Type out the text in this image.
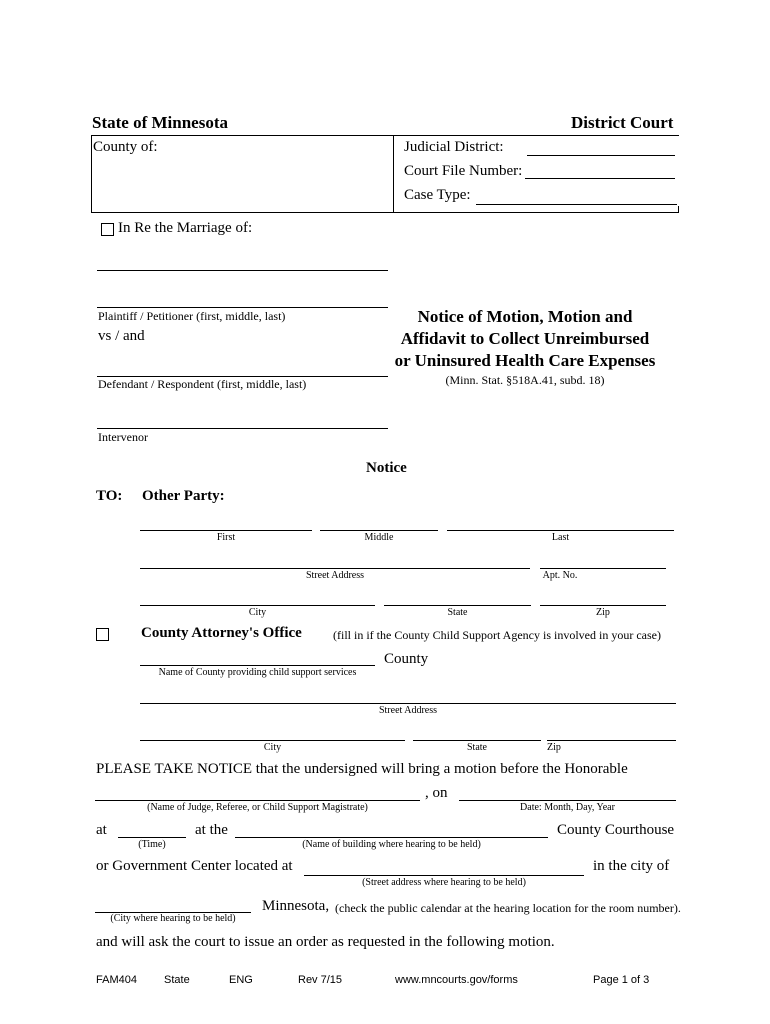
State of Minnesota	District Court
County of:	Judicial District:
Court File Number:
Case Type:
In Re the Marriage of:
Plaintiff / Petitioner (first, middle, last)
vs / and
Defendant / Respondent (first, middle, last)
Intervenor
Notice of Motion, Motion and
Affidavit to Collect Unreimbursed
or Uninsured Health Care Expenses
(Minn. Stat. §518A.41, subd. 18)
Notice
TO: Other Party:
First	Middle	Last
Street Address	Apt. No.
City	State	Zip
County Attorney's Office	(fill in if the County Child Support Agency is involved in your case)
County
Name of County providing child support services
Street Address
City	State	Zip
PLEASE TAKE NOTICE that the undersigned will bring a motion before the Honorable
, on
(Name of Judge, Referee, or Child Support Magistrate)	Date: Month, Day, Year
at	at the	County Courthouse
(Time)	(Name of building where hearing to be held)
or Government Center located at	in the city of
(Street address where hearing to be held)
Minnesota, (check the public calendar at the hearing location for the room number).
(City where hearing to be held)
and will ask the court to issue an order as requested in the following motion.
FAM404 State	ENG	Rev 7/15	www.mncourts.gov/forms	Page 1 of 3
